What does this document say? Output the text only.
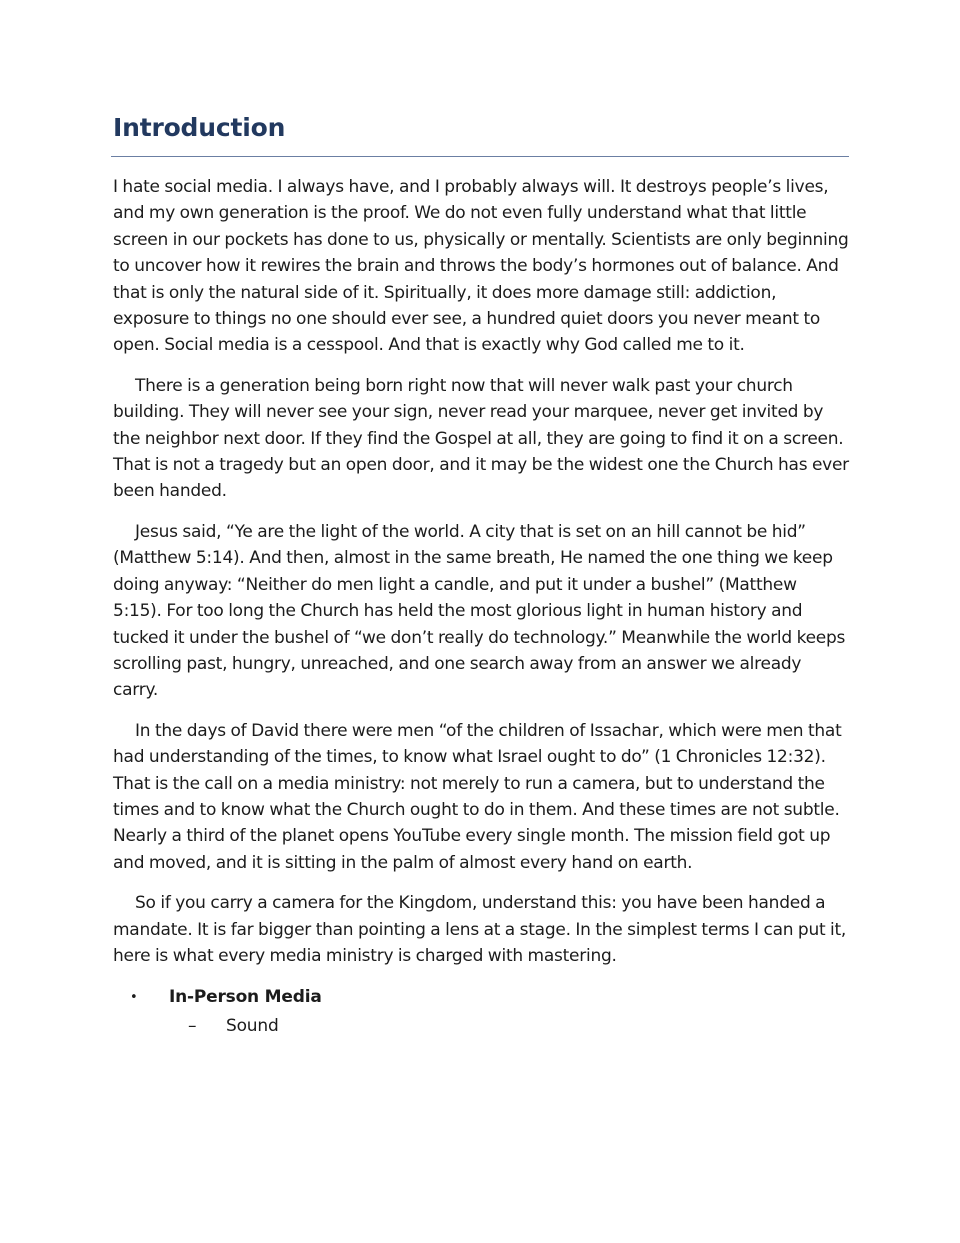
Introduction

I hate social media. I always have, and I probably always will. It destroys people’s lives, and my own generation is the proof. We do not even fully understand what that little screen in our pockets has done to us, physically or mentally. Scientists are only beginning to uncover how it rewires the brain and throws the body’s hormones out of balance. And that is only the natural side of it. Spiritually, it does more damage still: addiction, exposure to things no one should ever see, a hundred quiet doors you never meant to open. Social media is a cesspool. And that is exactly why God called me to it.

There is a generation being born right now that will never walk past your church building. They will never see your sign, never read your marquee, never get invited by the neighbor next door. If they find the Gospel at all, they are going to find it on a screen. That is not a tragedy but an open door, and it may be the widest one the Church has ever been handed.

Jesus said, “Ye are the light of the world. A city that is set on an hill cannot be hid” (Matthew 5:14). And then, almost in the same breath, He named the one thing we keep doing anyway: “Neither do men light a candle, and put it under a bushel” (Matthew 5:15). For too long the Church has held the most glorious light in human history and tucked it under the bushel of “we don’t really do technology.” Meanwhile the world keeps scrolling past, hungry, unreached, and one search away from an answer we already carry.

In the days of David there were men “of the children of Issachar, which were men that had understanding of the times, to know what Israel ought to do” (1 Chronicles 12:32). That is the call on a media ministry: not merely to run a camera, but to understand the times and to know what the Church ought to do in them. And these times are not subtle. Nearly a third of the planet opens YouTube every single month. The mission field got up and moved, and it is sitting in the palm of almost every hand on earth.

So if you carry a camera for the Kingdom, understand this: you have been handed a mandate. It is far bigger than pointing a lens at a stage. In the simplest terms I can put it, here is what every media ministry is charged with mastering.

• In-Person Media
– Sound
